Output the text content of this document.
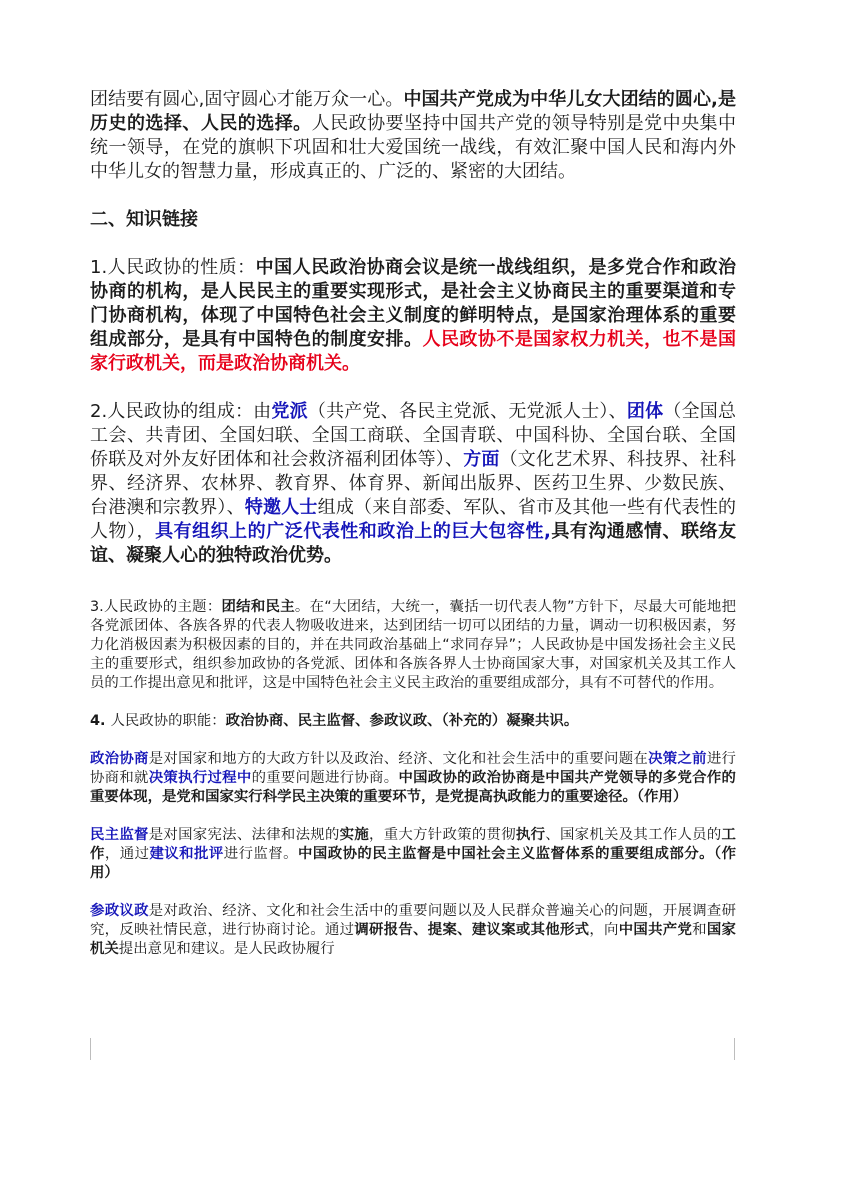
团结要有圆心,固守圆心才能万众一心。中国共产党成为中华儿女大团结的圆心,是历史的选择、人民的选择。人民政协要坚持中国共产党的领导特别是党中央集中统一领导，在党的旗帜下巩固和壮大爱国统一战线，有效汇聚中国人民和海内外中华儿女的智慧力量，形成真正的、广泛的、紧密的大团结。

二、知识链接

1.人民政协的性质：中国人民政治协商会议是统一战线组织，是多党合作和政治协商的机构，是人民民主的重要实现形式，是社会主义协商民主的重要渠道和专门协商机构，体现了中国特色社会主义制度的鲜明特点，是国家治理体系的重要组成部分，是具有中国特色的制度安排。人民政协不是国家权力机关，也不是国家行政机关，而是政治协商机关。

2.人民政协的组成：由党派（共产党、各民主党派、无党派人士）、团体（全国总工会、共青团、全国妇联、全国工商联、全国青联、中国科协、全国台联、全国侨联及对外友好团体和社会救济福利团体等）、方面（文化艺术界、科技界、社科界、经济界、农林界、教育界、体育界、新闻出版界、医药卫生界、少数民族、台港澳和宗教界）、特邀人士组成（来自部委、军队、省市及其他一些有代表性的人物），具有组织上的广泛代表性和政治上的巨大包容性,具有沟通感情、联络友谊、凝聚人心的独特政治优势。

3.人民政协的主题：团结和民主。在“大团结，大统一，囊括一切代表人物”方针下，尽最大可能地把各党派团体、各族各界的代表人物吸收进来，达到团结一切可以团结的力量，调动一切积极因素，努力化消极因素为积极因素的目的，并在共同政治基础上“求同存异”；人民政协是中国发扬社会主义民主的重要形式，组织参加政协的各党派、团体和各族各界人士协商国家大事，对国家机关及其工作人员的工作提出意见和批评，这是中国特色社会主义民主政治的重要组成部分，具有不可替代的作用。

4. 人民政协的职能：政治协商、民主监督、参政议政、（补充的）凝聚共识。

政治协商是对国家和地方的大政方针以及政治、经济、文化和社会生活中的重要问题在决策之前进行协商和就决策执行过程中的重要问题进行协商。中国政协的政治协商是中国共产党领导的多党合作的重要体现，是党和国家实行科学民主决策的重要环节，是党提高执政能力的重要途径。（作用）

民主监督是对国家宪法、法律和法规的实施，重大方针政策的贯彻执行、国家机关及其工作人员的工作，通过建议和批评进行监督。中国政协的民主监督是中国社会主义监督体系的重要组成部分。（作用）

参政议政是对政治、经济、文化和社会生活中的重要问题以及人民群众普遍关心的问题，开展调查研究，反映社情民意，进行协商讨论。通过调研报告、提案、建议案或其他形式，向中国共产党和国家机关提出意见和建议。是人民政协履行
